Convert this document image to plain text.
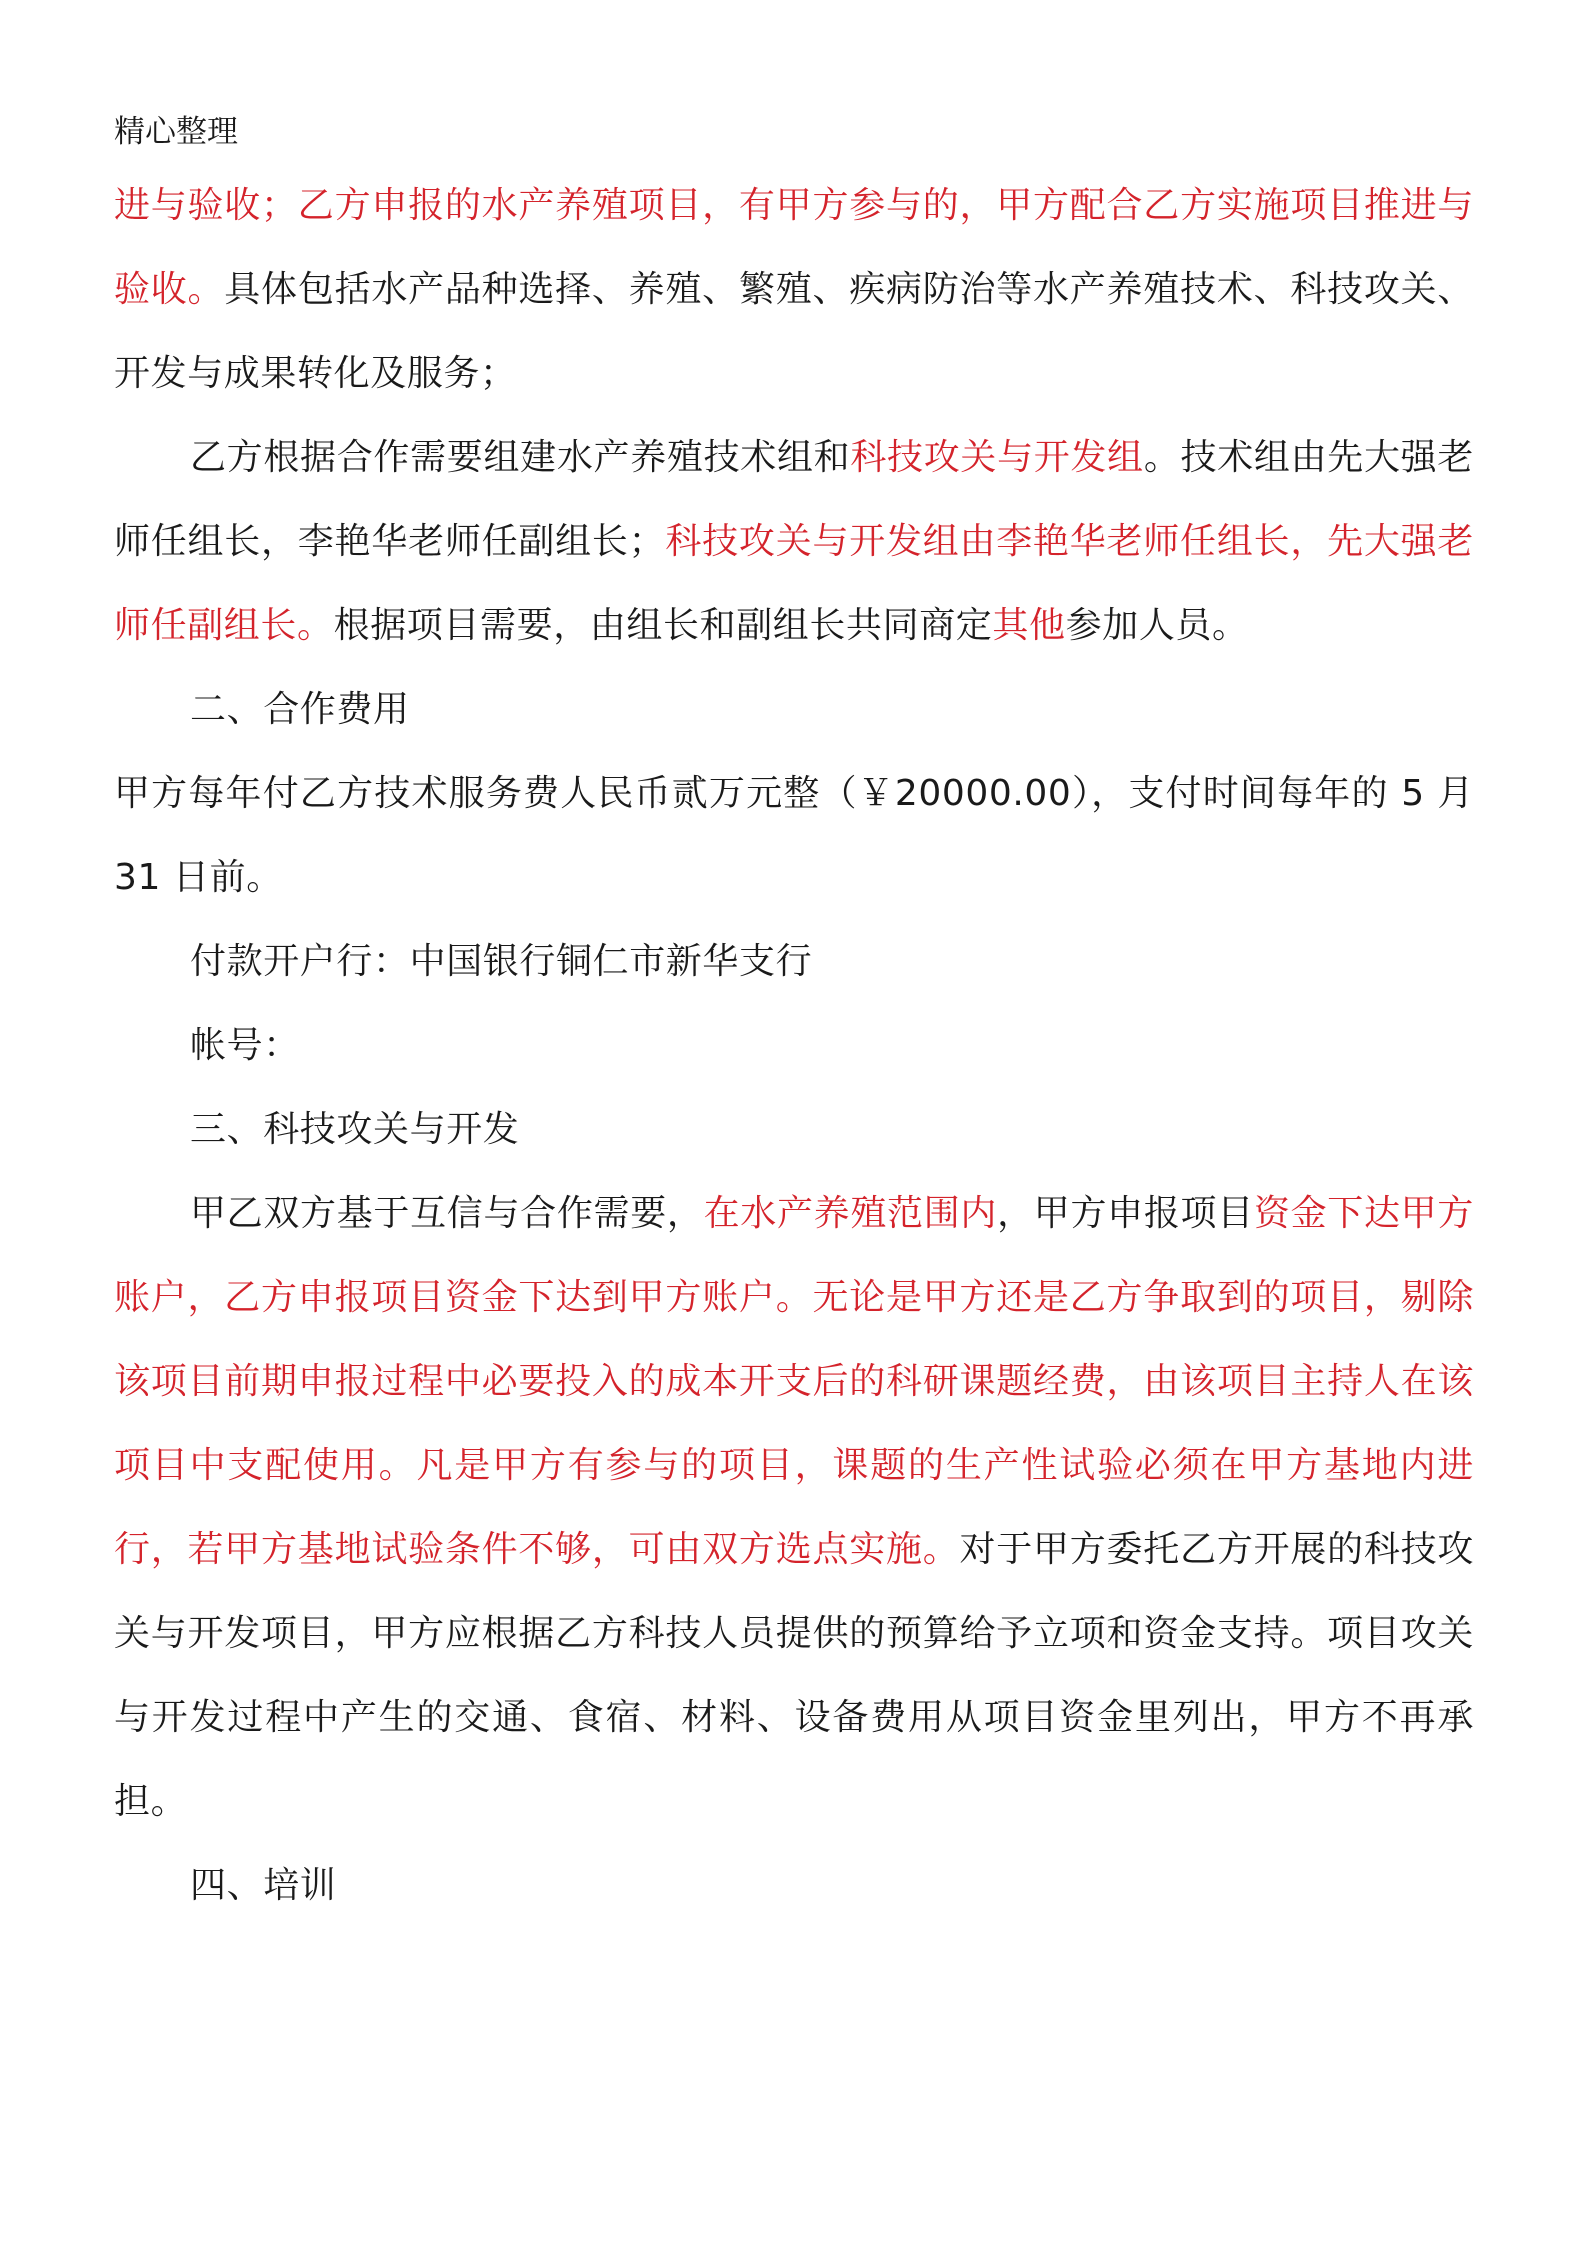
精心整理

进与验收；乙方申报的水产养殖项目，有甲方参与的，甲方配合乙方实施项目推进与验收。具体包括水产品种选择、养殖、繁殖、疾病防治等水产养殖技术、科技攻关、开发与成果转化及服务；

乙方根据合作需要组建水产养殖技术组和科技攻关与开发组。技术组由先大强老师任组长，李艳华老师任副组长；科技攻关与开发组由李艳华老师任组长，先大强老师任副组长。根据项目需要，由组长和副组长共同商定其他参加人员。

二、合作费用

甲方每年付乙方技术服务费人民币贰万元整（￥20000.00），支付时间每年的 5 月 31 日前。

付款开户行：中国银行铜仁市新华支行

帐号：

三、科技攻关与开发

甲乙双方基于互信与合作需要，在水产养殖范围内，甲方申报项目资金下达甲方账户，乙方申报项目资金下达到甲方账户。无论是甲方还是乙方争取到的项目，剔除该项目前期申报过程中必要投入的成本开支后的科研课题经费，由该项目主持人在该项目中支配使用。凡是甲方有参与的项目，课题的生产性试验必须在甲方基地内进行，若甲方基地试验条件不够，可由双方选点实施。对于甲方委托乙方开展的科技攻关与开发项目，甲方应根据乙方科技人员提供的预算给予立项和资金支持。项目攻关与开发过程中产生的交通、食宿、材料、设备费用从项目资金里列出，甲方不再承担。

四、培训
